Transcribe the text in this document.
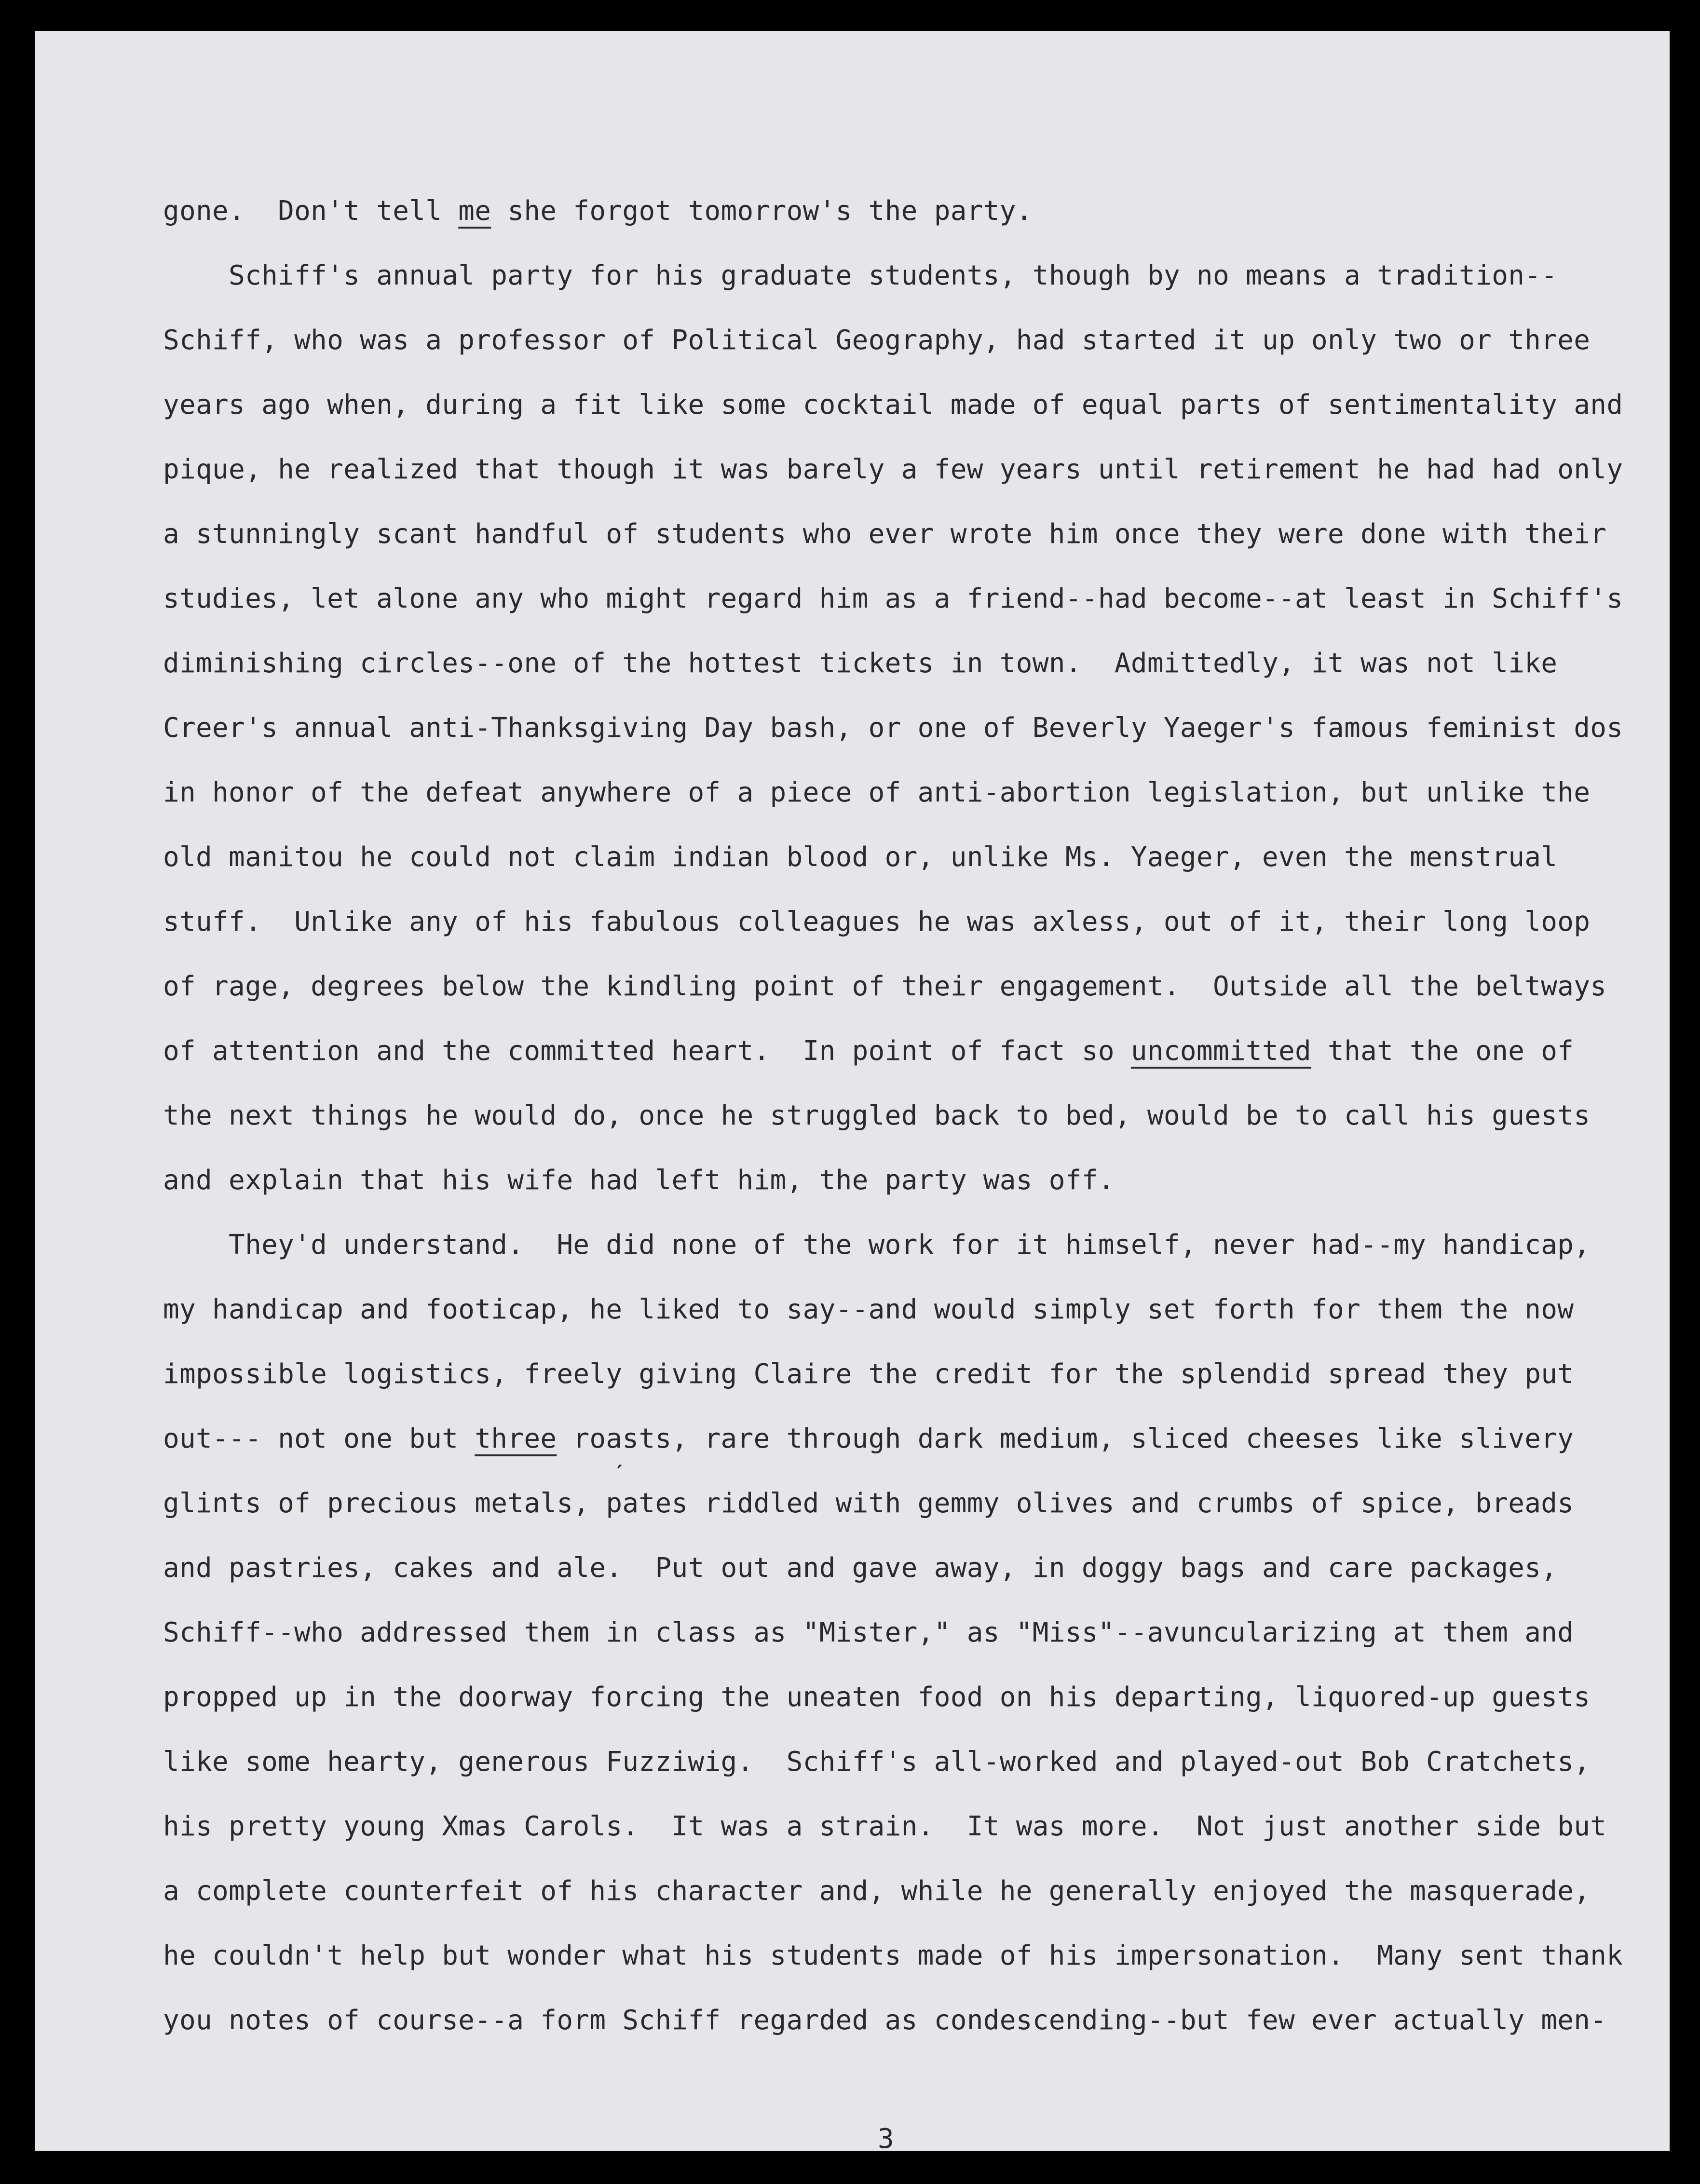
gone.  Don't tell me she forgot tomorrow's the party.
Schiff's annual party for his graduate students, though by no means a tradition--
Schiff, who was a professor of Political Geography, had started it up only two or three
years ago when, during a fit like some cocktail made of equal parts of sentimentality and
pique, he realized that though it was barely a few years until retirement he had had only
a stunningly scant handful of students who ever wrote him once they were done with their
studies, let alone any who might regard him as a friend--had become--at least in Schiff's
diminishing circles--one of the hottest tickets in town.  Admittedly, it was not like
Creer's annual anti-Thanksgiving Day bash, or one of Beverly Yaeger's famous feminist dos
in honor of the defeat anywhere of a piece of anti-abortion legislation, but unlike the
old manitou he could not claim indian blood or, unlike Ms. Yaeger, even the menstrual
stuff.  Unlike any of his fabulous colleagues he was axless, out of it, their long loop
of rage, degrees below the kindling point of their engagement.  Outside all the beltways
of attention and the committed heart.  In point of fact so uncommitted that the one of
the next things he would do, once he struggled back to bed, would be to call his guests
and explain that his wife had left him, the party was off.
They'd understand.  He did none of the work for it himself, never had--my handicap,
my handicap and footicap, he liked to say--and would simply set forth for them the now
impossible logistics, freely giving Claire the credit for the splendid spread they put
out--- not one but three roasts, rare through dark medium, sliced cheeses like slivery
ˊ
glints of precious metals, pates riddled with gemmy olives and crumbs of spice, breads
and pastries, cakes and ale.  Put out and gave away, in doggy bags and care packages,
Schiff--who addressed them in class as "Mister," as "Miss"--avuncularizing at them and
propped up in the doorway forcing the uneaten food on his departing, liquored-up guests
like some hearty, generous Fuzziwig.  Schiff's all-worked and played-out Bob Cratchets,
his pretty young Xmas Carols.  It was a strain.  It was more.  Not just another side but
a complete counterfeit of his character and, while he generally enjoyed the masquerade,
he couldn't help but wonder what his students made of his impersonation.  Many sent thank
you notes of course--a form Schiff regarded as condescending--but few ever actually men-
3
